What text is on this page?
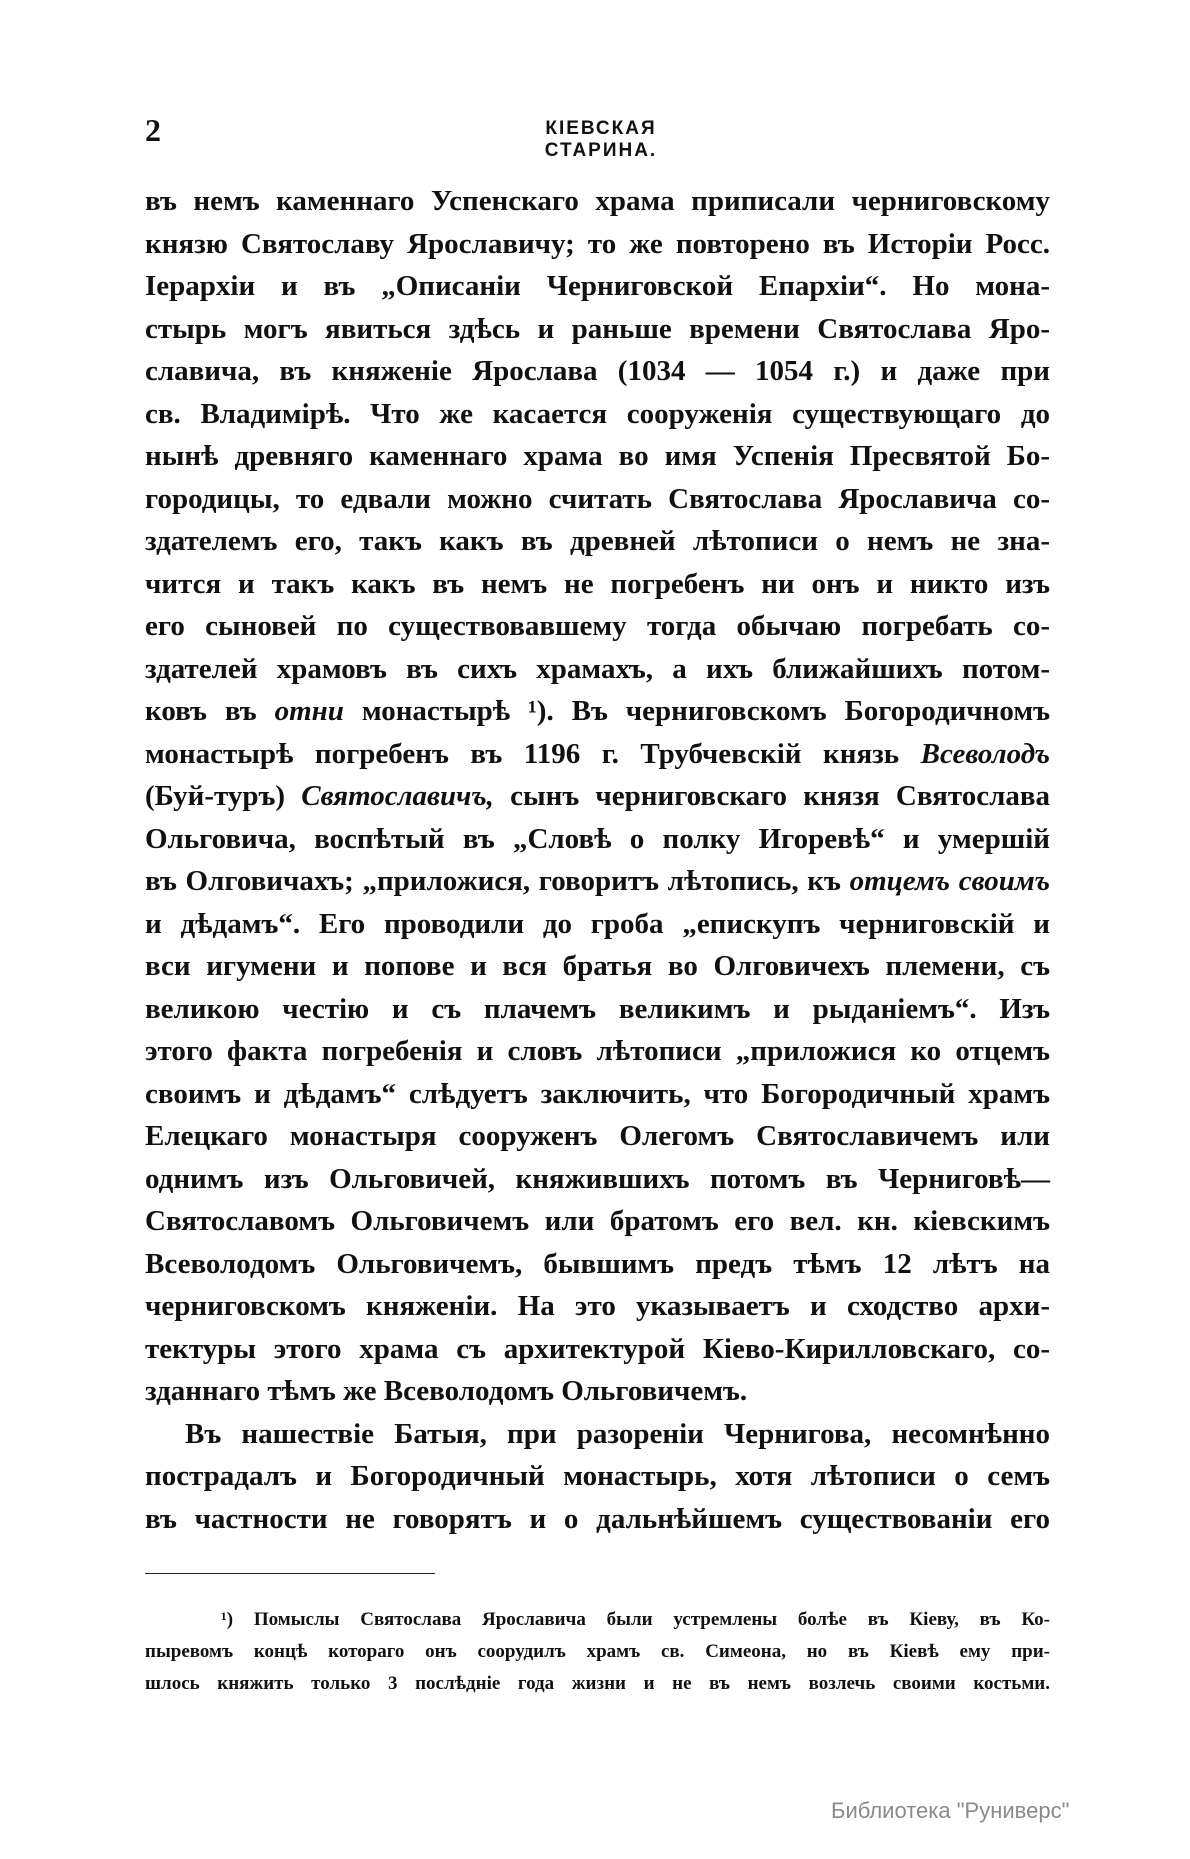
2	КІЕВСКАЯ СТАРИНА.
въ немъ каменнаго Успенскаго храма приписали черниговскому
князю Святославу Ярославичу; то же повторено въ Исторіи Росс.
Іерархіи и въ „Описаніи Черниговской Епархіи“. Но мона-
стырь могъ явиться здѣсь и раньше времени Святослава Яро-
славича, въ княженіе Ярослава (1034 — 1054 г.) и даже при
св. Владимірѣ. Что же касается сооруженія существующаго до
нынѣ древняго каменнаго храма во имя Успенія Пресвятой Бо-
городицы, то едвали можно считать Святослава Ярославича со-
здателемъ его, такъ какъ въ древней лѣтописи о немъ не зна-
чится и такъ какъ въ немъ не погребенъ ни онъ и никто изъ
его сыновей по существовавшему тогда обычаю погребать со-
здателей храмовъ въ сихъ храмахъ, а ихъ ближайшихъ потом-
ковъ въ отни монастырѣ ¹). Въ черниговскомъ Богородичномъ
монастырѣ погребенъ въ 1196 г. Трубчевскій князь Всеволодъ
(Буй-туръ) Святославичъ, сынъ черниговскаго князя Святослава
Ольговича, воспѣтый въ „Словѣ о полку Игоревѣ“ и умершій
въ Олговичахъ; „приложися, говоритъ лѣтопись, къ отцемъ своимъ
и дѣдамъ“. Его проводили до гроба „епискупъ черниговскій и
вси игумени и попове и вся братья во Олговичехъ племени, съ
великою честію и съ плачемъ великимъ и рыданіемъ“. Изъ
этого факта погребенія и словъ лѣтописи „приложися ко отцемъ
своимъ и дѣдамъ“ слѣдуетъ заключить, что Богородичный храмъ
Елецкаго монастыря сооруженъ Олегомъ Святославичемъ или
однимъ изъ Ольговичей, княжившихъ потомъ въ Черниговѣ—
Святославомъ Ольговичемъ или братомъ его вел. кн. кіевскимъ
Всеволодомъ Ольговичемъ, бывшимъ предъ тѣмъ 12 лѣтъ на
черниговскомъ княженіи. На это указываетъ и сходство архи-
тектуры этого храма съ архитектурой Кіево-Кирилловскаго, со-
зданнаго тѣмъ же Всеволодомъ Ольговичемъ.
Въ нашествіе Батыя, при разореніи Чернигова, несомнѣнно
пострадалъ и Богородичный монастырь, хотя лѣтописи о семъ
въ частности не говорятъ и о дальнѣйшемъ существованіи его
¹) Помыслы Святослава Ярославича были устремлены болѣе въ Кіеву, въ Ко-
пыревомъ концѣ котораго онъ соорудилъ храмъ св. Симеона, но въ Кіевѣ ему при-
шлось княжить только 3 послѣдніе года жизни и не въ немъ возлечь своими костьми.
Библиотека "Руниверс"
